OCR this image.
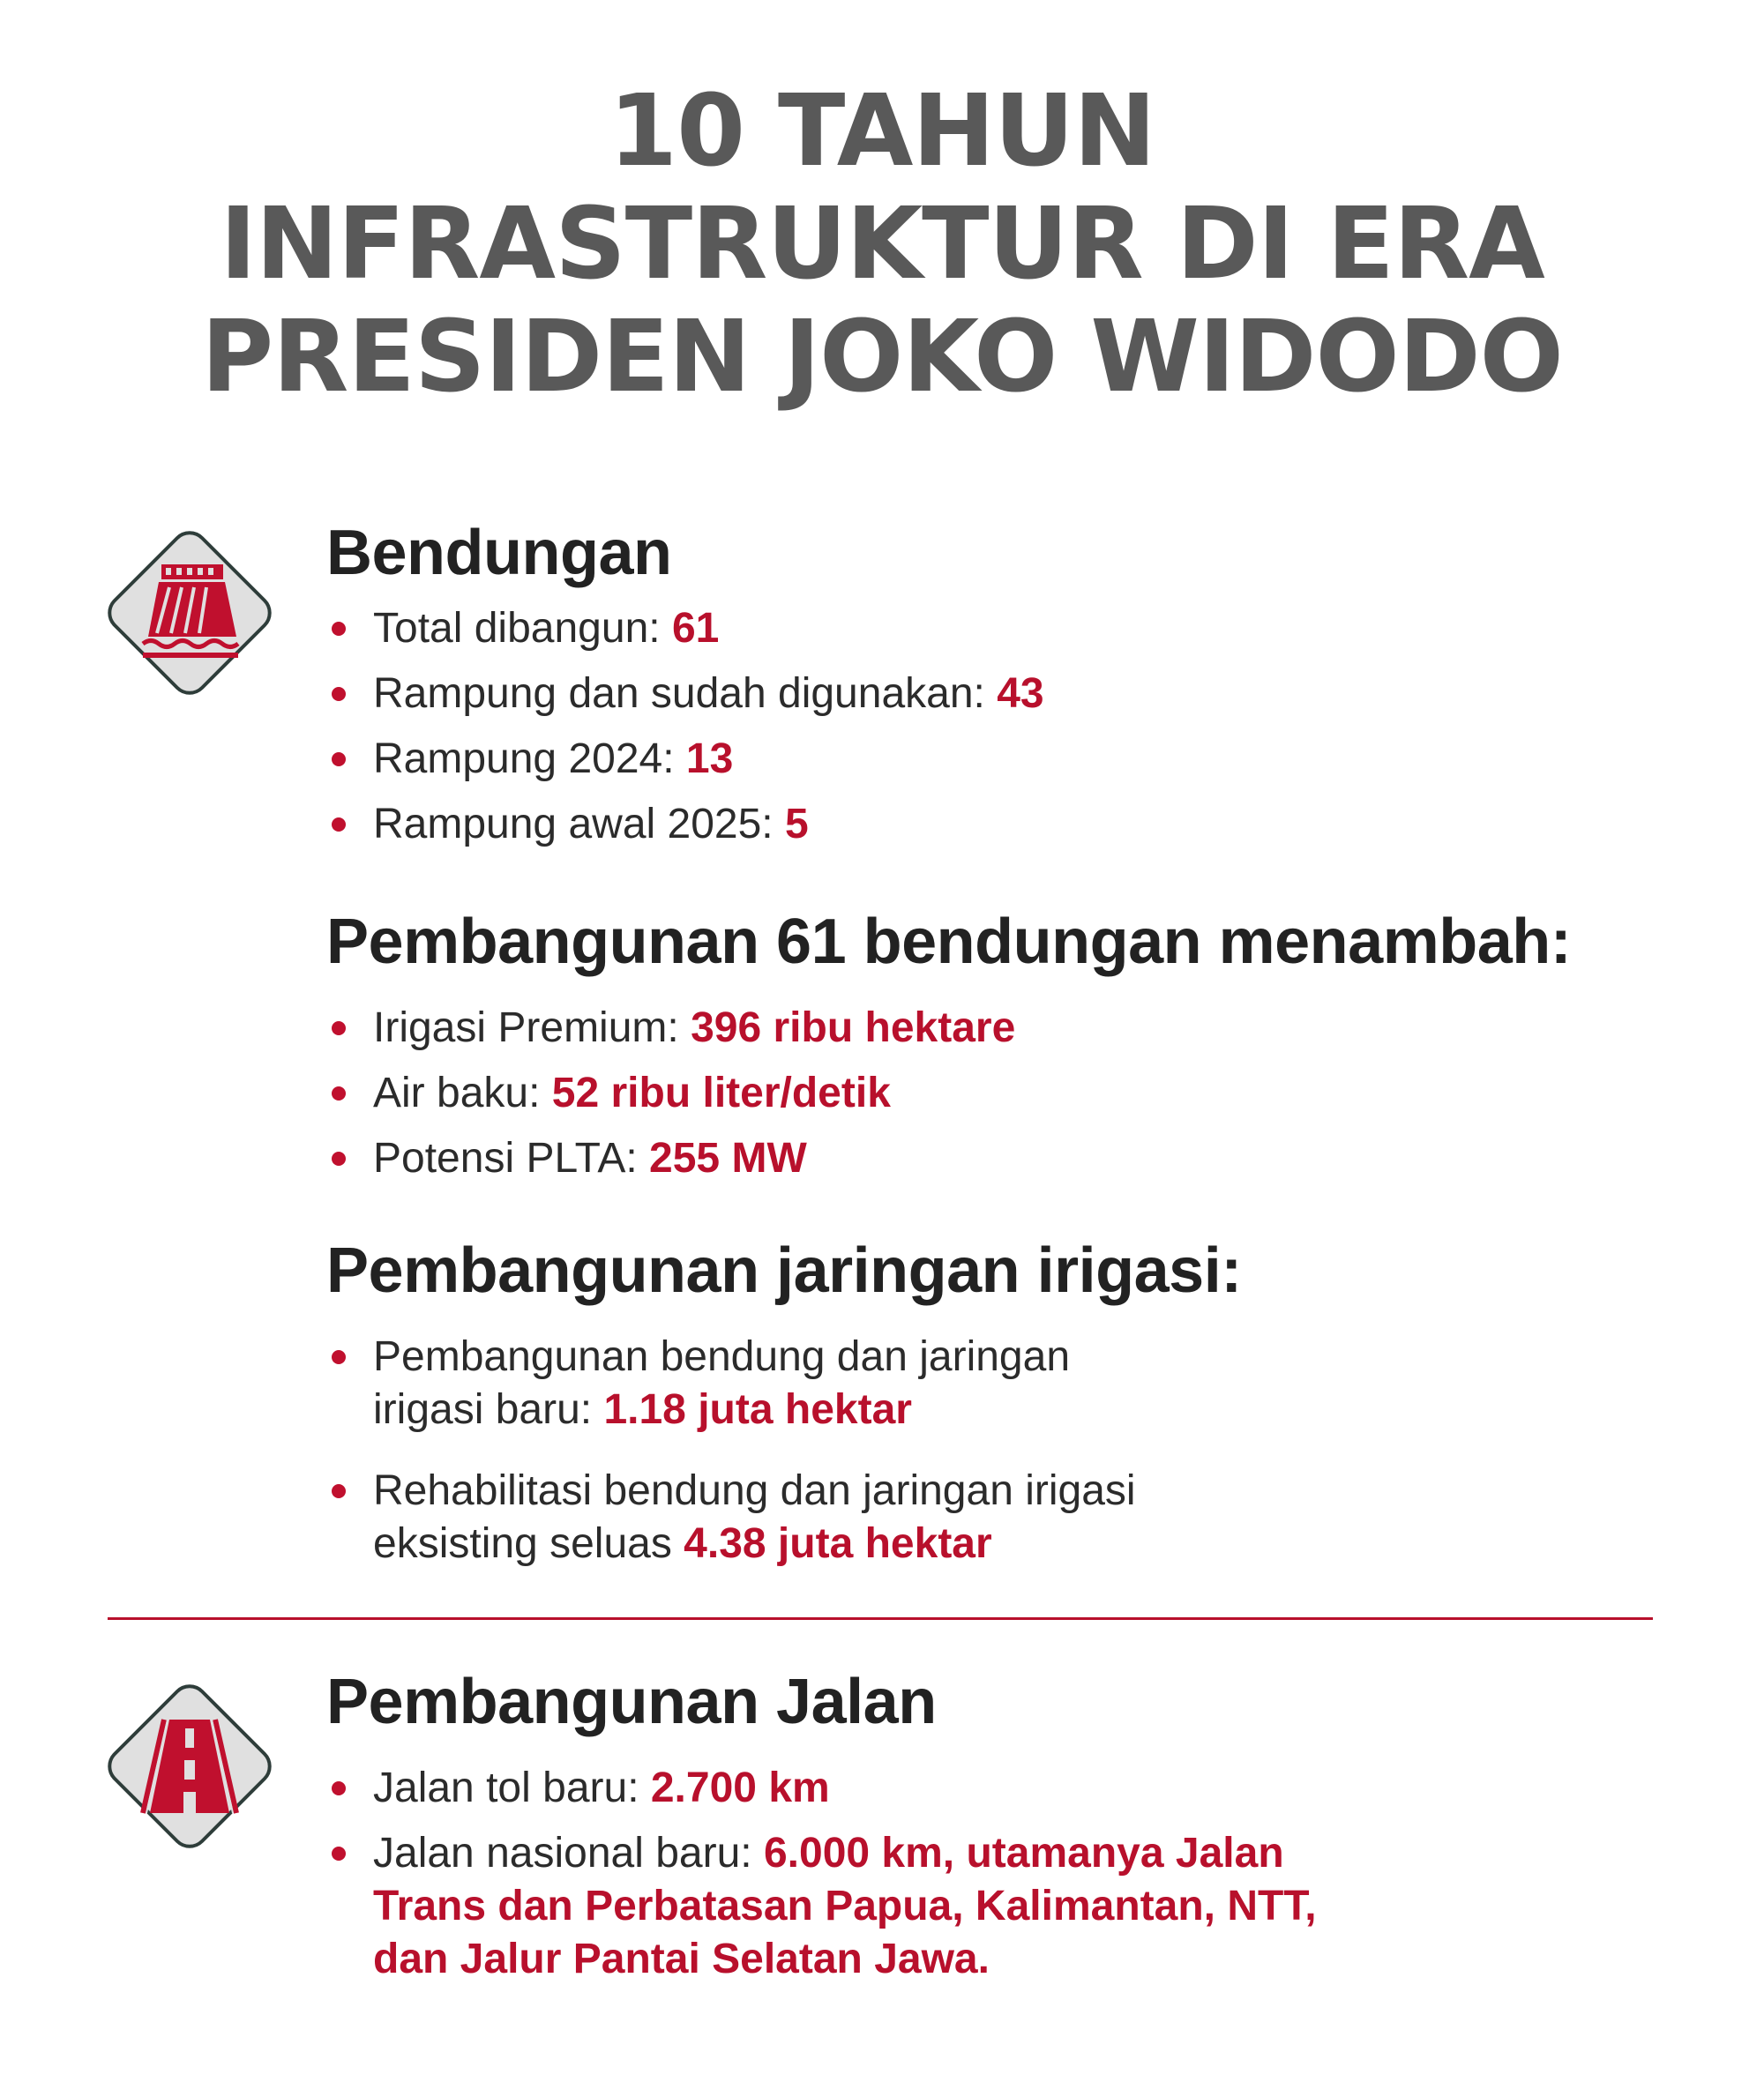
10 TAHUN
INFRASTRUKTUR DI ERA
PRESIDEN JOKO WIDODO
Bendungan
Total dibangun: 61
Rampung dan sudah digunakan: 43
Rampung 2024: 13
Rampung awal 2025: 5
Pembangunan 61 bendungan menambah:
Irigasi Premium: 396 ribu hektare
Air baku: 52 ribu liter/detik
Potensi PLTA: 255 MW
Pembangunan jaringan irigasi:
Pembangunan bendung dan jaringan
irigasi baru: 1.18 juta hektar
Rehabilitasi bendung dan jaringan irigasi
eksisting seluas 4.38 juta hektar
Pembangunan Jalan
Jalan tol baru: 2.700 km
Jalan nasional baru: 6.000 km, utamanya Jalan
Trans dan Perbatasan Papua, Kalimantan, NTT,
dan Jalur Pantai Selatan Jawa.
